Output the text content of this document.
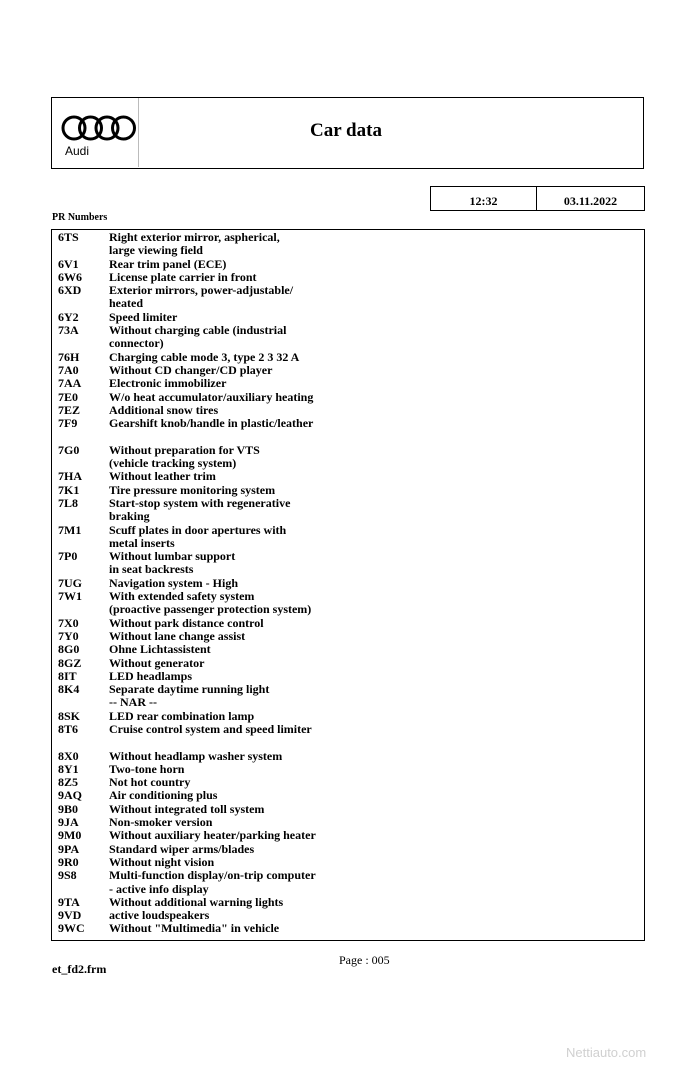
Audi
Car data
12:32	03.11.2022
PR Numbers
6TS	Right exterior mirror, aspherical,
large viewing field
6V1	Rear trim panel (ECE)
6W6	License plate carrier in front
6XD	Exterior mirrors, power-adjustable/
heated
6Y2	Speed limiter
73A	Without charging cable (industrial
connector)
76H	Charging cable mode 3, type 2 3 32 A
7A0	Without CD changer/CD player
7AA	Electronic immobilizer
7E0	W/o heat accumulator/auxiliary heating
7EZ	Additional snow tires
7F9	Gearshift knob/handle in plastic/leather
7G0	Without preparation for VTS
(vehicle tracking system)
7HA	Without leather trim
7K1	Tire pressure monitoring system
7L8	Start-stop system with regenerative
braking
7M1	Scuff plates in door apertures with
metal inserts
7P0	Without lumbar support
in seat backrests
7UG	Navigation system - High
7W1	With extended safety system
(proactive passenger protection system)
7X0	Without park distance control
7Y0	Without lane change assist
8G0	Ohne Lichtassistent
8GZ	Without generator
8IT	LED headlamps
8K4	Separate daytime running light
-- NAR --
8SK	LED rear combination lamp
8T6	Cruise control system and speed limiter
8X0	Without headlamp washer system
8Y1	Two-tone horn
8Z5	Not hot country
9AQ	Air conditioning plus
9B0	Without integrated toll system
9JA	Non-smoker version
9M0	Without auxiliary heater/parking heater
9PA	Standard wiper arms/blades
9R0	Without night vision
9S8	Multi-function display/on-trip computer
- active info display
9TA	Without additional warning lights
9VD	active loudspeakers
9WC	Without "Multimedia" in vehicle
Page : 005
et_fd2.frm
Nettiauto.com
